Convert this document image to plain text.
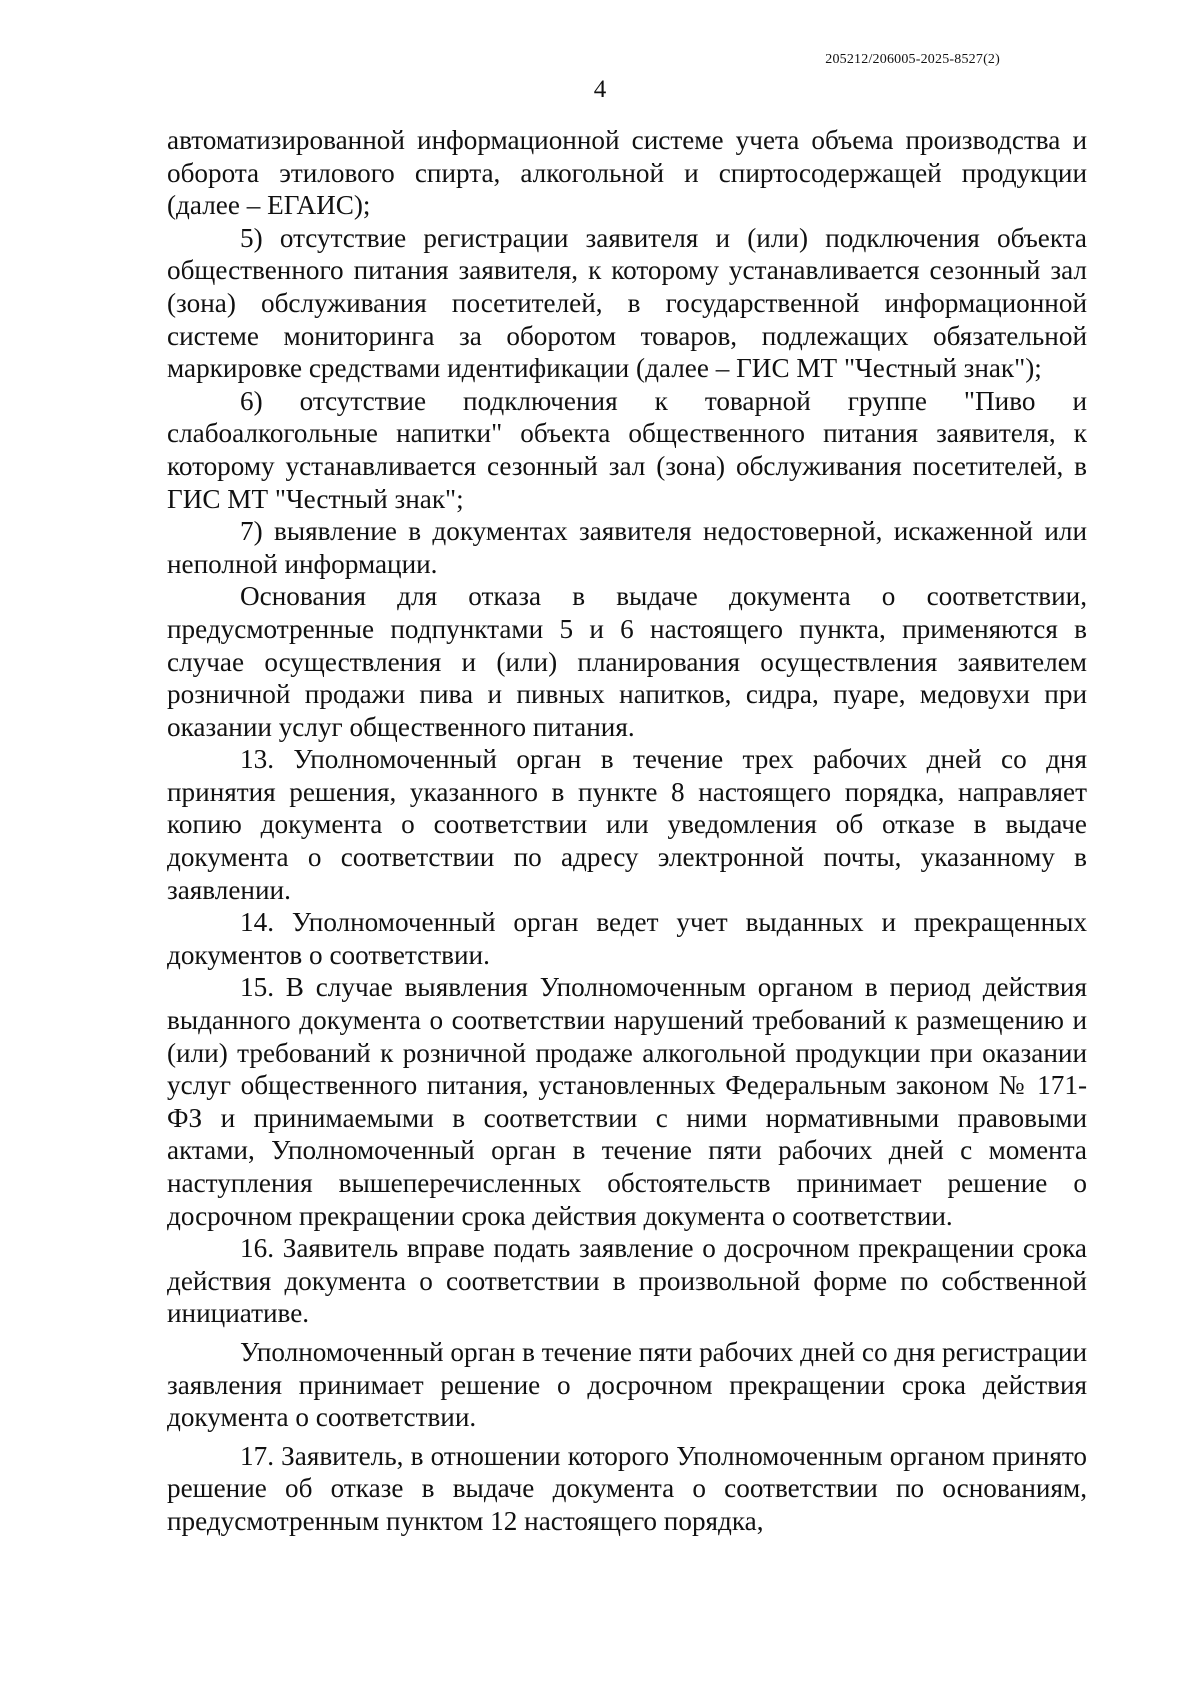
205212/206005-2025-8527(2)
4

автоматизированной информационной системе учета объема производства и оборота этилового спирта, алкогольной и спиртосодержащей продукции (далее – ЕГАИС);

5) отсутствие регистрации заявителя и (или) подключения объекта общественного питания заявителя, к которому устанавливается сезонный зал (зона) обслуживания посетителей, в государственной информационной системе мониторинга за оборотом товаров, подлежащих обязательной маркировке средствами идентификации (далее – ГИС МТ "Честный знак");

6) отсутствие подключения к товарной группе "Пиво и слабоалкогольные напитки" объекта общественного питания заявителя, к которому устанавливается сезонный зал (зона) обслуживания посетителей, в ГИС МТ "Честный знак";

7) выявление в документах заявителя недостоверной, искаженной или неполной информации.

Основания для отказа в выдаче документа о соответствии, предусмотренные подпунктами 5 и 6 настоящего пункта, применяются в случае осуществления и (или) планирования осуществления заявителем розничной продажи пива и пивных напитков, сидра, пуаре, медовухи при оказании услуг общественного питания.

13. Уполномоченный орган в течение трех рабочих дней со дня принятия решения, указанного в пункте 8 настоящего порядка, направляет копию документа о соответствии или уведомления об отказе в выдаче документа о соответствии по адресу электронной почты, указанному в заявлении.

14. Уполномоченный орган ведет учет выданных и прекращенных документов о соответствии.

15. В случае выявления Уполномоченным органом в период действия выданного документа о соответствии нарушений требований к размещению и (или) требований к розничной продаже алкогольной продукции при оказании услуг общественного питания, установленных Федеральным законом № 171-ФЗ и принимаемыми в соответствии с ними нормативными правовыми актами, Уполномоченный орган в течение пяти рабочих дней с момента наступления вышеперечисленных обстоятельств принимает решение о досрочном прекращении срока действия документа о соответствии.

16. Заявитель вправе подать заявление о досрочном прекращении срока действия документа о соответствии в произвольной форме по собственной инициативе.

Уполномоченный орган в течение пяти рабочих дней со дня регистрации заявления принимает решение о досрочном прекращении срока действия документа о соответствии.

17. Заявитель, в отношении которого Уполномоченным органом принято решение об отказе в выдаче документа о соответствии по основаниям, предусмотренным пунктом 12 настоящего порядка,
